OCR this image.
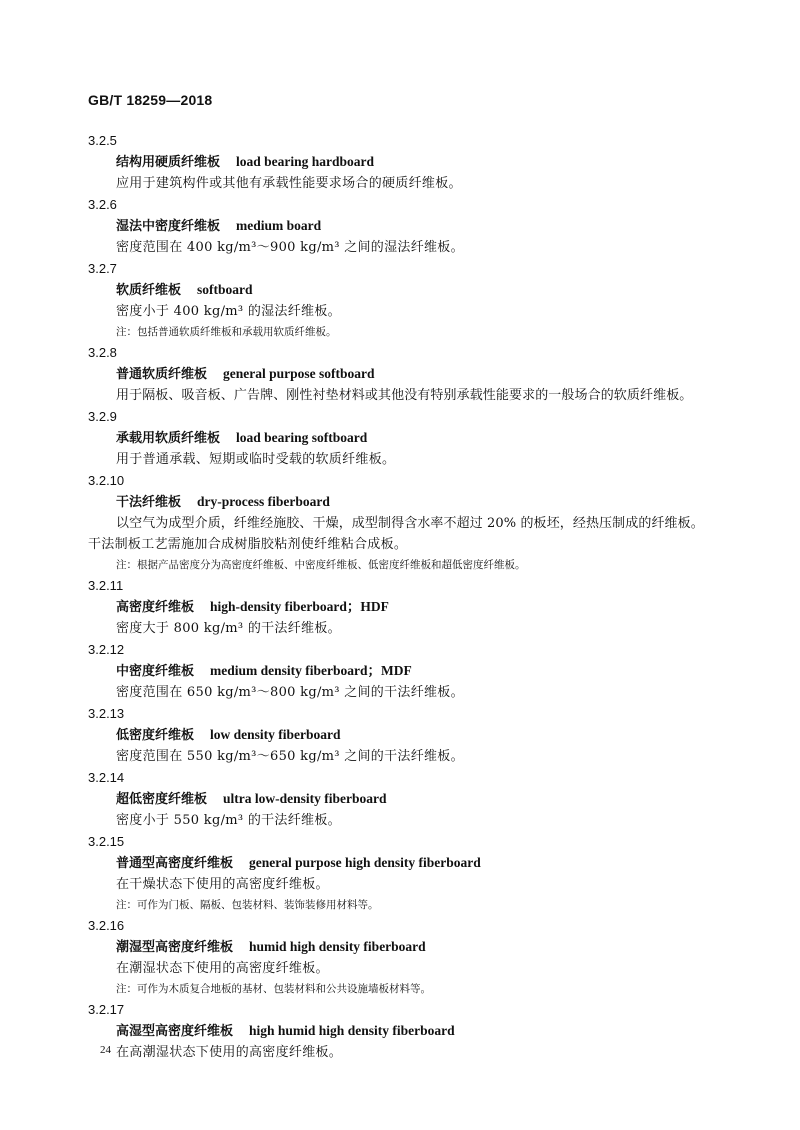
GB/T 18259—2018
3.2.5
结构用硬质纤维板 load bearing hardboard
应用于建筑构件或其他有承载性能要求场合的硬质纤维板。
3.2.6
湿法中密度纤维板 medium board
密度范围在 400 kg/m³～900 kg/m³ 之间的湿法纤维板。
3.2.7
软质纤维板 softboard
密度小于 400 kg/m³ 的湿法纤维板。
注：包括普通软质纤维板和承载用软质纤维板。
3.2.8
普通软质纤维板 general purpose softboard
用于隔板、吸音板、广告牌、刚性衬垫材料或其他没有特别承载性能要求的一般场合的软质纤维板。
3.2.9
承载用软质纤维板 load bearing softboard
用于普通承载、短期或临时受载的软质纤维板。
3.2.10
干法纤维板 dry-process fiberboard
以空气为成型介质，纤维经施胶、干燥，成型制得含水率不超过 20% 的板坯，经热压制成的纤维板。
干法制板工艺需施加合成树脂胶粘剂使纤维粘合成板。
注：根据产品密度分为高密度纤维板、中密度纤维板、低密度纤维板和超低密度纤维板。
3.2.11
高密度纤维板 high-density fiberboard；HDF
密度大于 800 kg/m³ 的干法纤维板。
3.2.12
中密度纤维板 medium density fiberboard；MDF
密度范围在 650 kg/m³～800 kg/m³ 之间的干法纤维板。
3.2.13
低密度纤维板 low density fiberboard
密度范围在 550 kg/m³～650 kg/m³ 之间的干法纤维板。
3.2.14
超低密度纤维板 ultra low-density fiberboard
密度小于 550 kg/m³ 的干法纤维板。
3.2.15
普通型高密度纤维板 general purpose high density fiberboard
在干燥状态下使用的高密度纤维板。
注：可作为门板、隔板、包装材料、装饰装修用材料等。
3.2.16
潮湿型高密度纤维板 humid high density fiberboard
在潮湿状态下使用的高密度纤维板。
注：可作为木质复合地板的基材、包装材料和公共设施墙板材料等。
3.2.17
高湿型高密度纤维板 high humid high density fiberboard
在高潮湿状态下使用的高密度纤维板。
24
